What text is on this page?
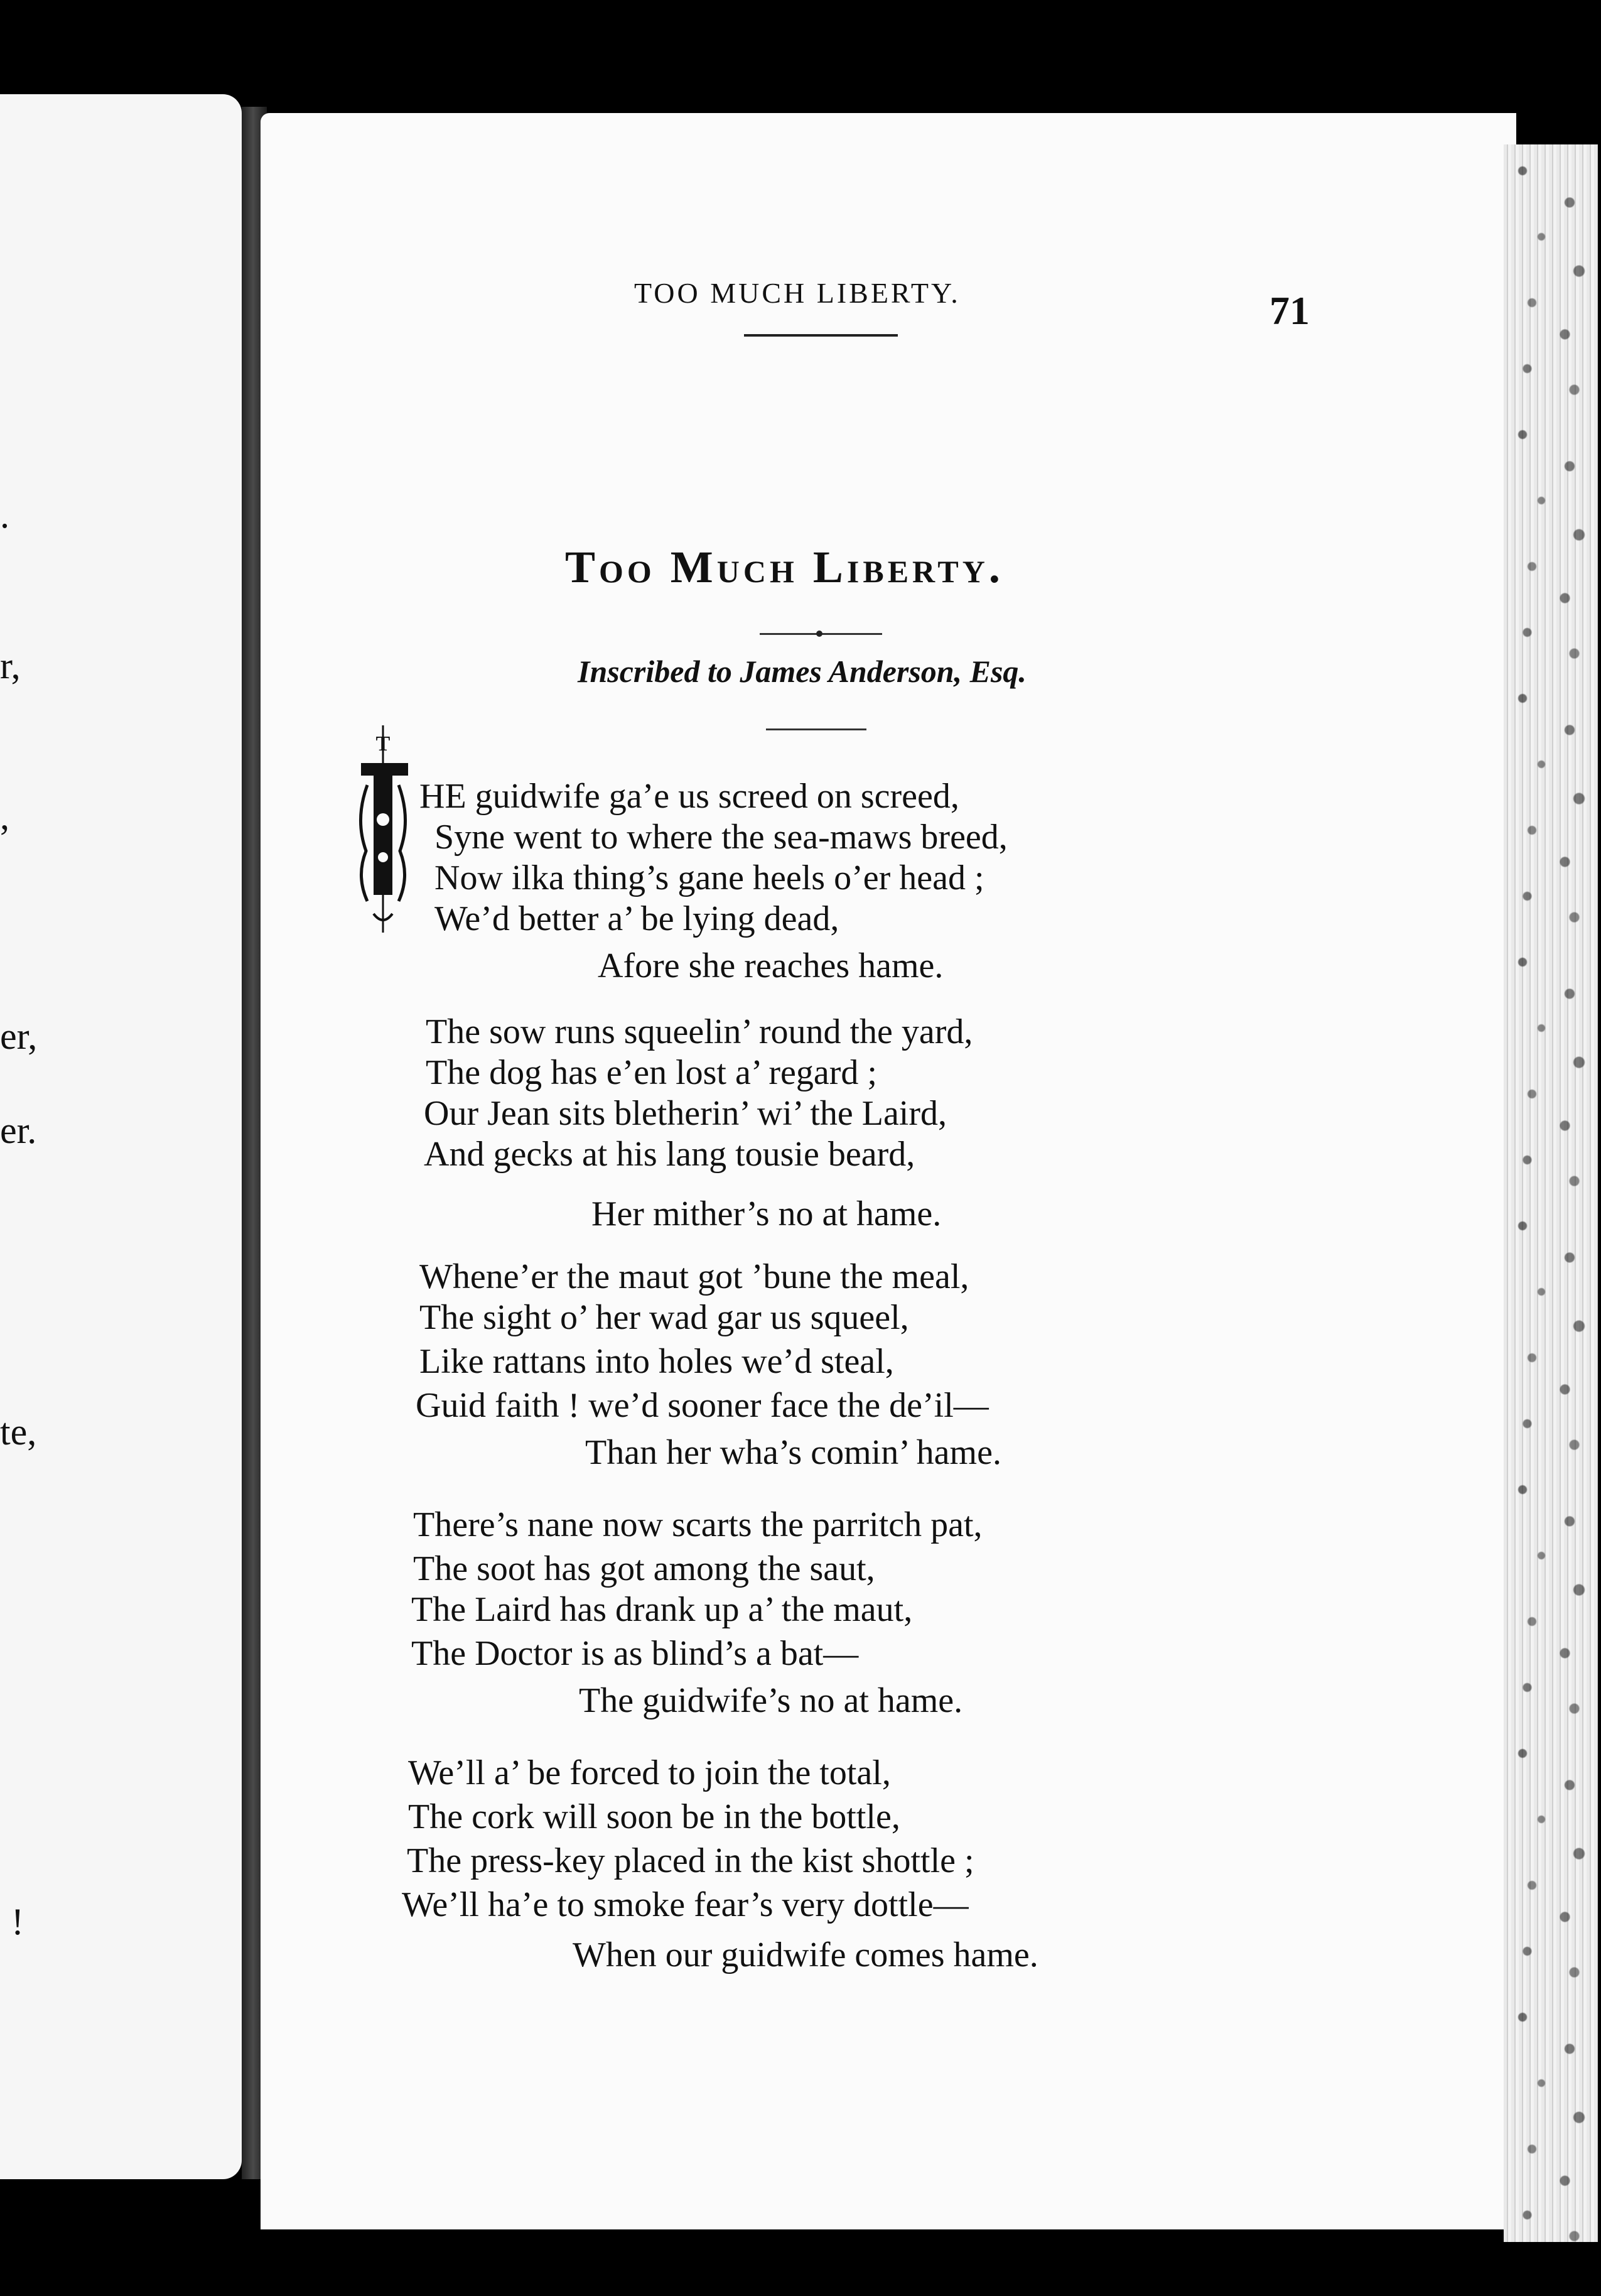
.
r,
,
er,
er.
te,
!
TOO MUCH LIBERTY.	71
Too Much Liberty.
Inscribed to James Anderson, Esq.
T
HE guidwife ga’e us screed on screed,
Syne went to where the sea-maws breed,
Now ilka thing’s gane heels o’er head ;
We’d better a’ be lying dead,
Afore she reaches hame.
The sow runs squeelin’ round the yard,
The dog has e’en lost a’ regard ;
Our Jean sits bletherin’ wi’ the Laird,
And gecks at his lang tousie beard,
Her mither’s no at hame.
Whene’er the maut got ’bune the meal,
The sight o’ her wad gar us squeel,
Like rattans into holes we’d steal,
Guid faith ! we’d sooner face the de’il—
Than her wha’s comin’ hame.
There’s nane now scarts the parritch pat,
The soot has got among the saut,
The Laird has drank up a’ the maut,
The Doctor is as blind’s a bat—
The guidwife’s no at hame.
We’ll a’ be forced to join the total,
The cork will soon be in the bottle,
The press-key placed in the kist shottle ;
We’ll ha’e to smoke fear’s very dottle—
When our guidwife comes hame.
